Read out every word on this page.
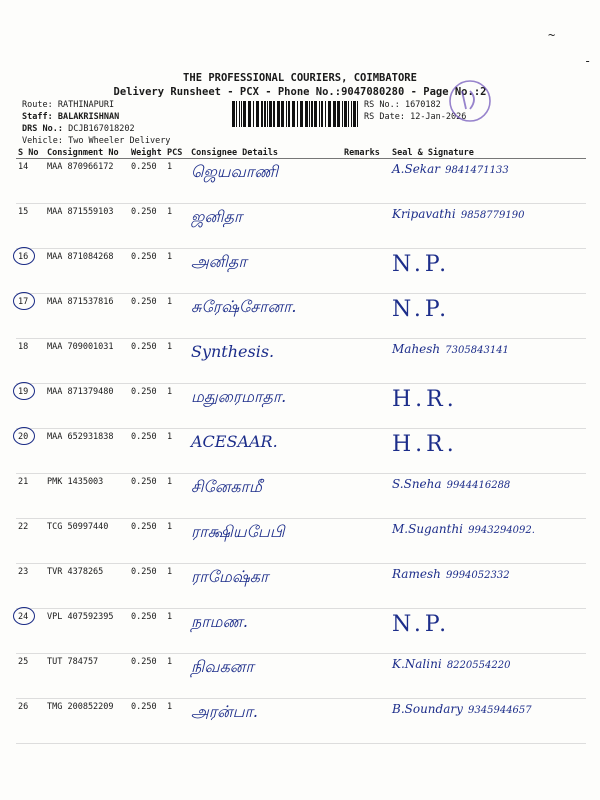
~
-
THE PROFESSIONAL COURIERS, COIMBATORE
Delivery Runsheet - PCX - Phone No.:9047080280 - Page No.:2
Route: RATHINAPURI
Staff: BALAKRISHNAN
DRS No.: DCJB167018202
Vehicle: Two Wheeler Delivery
RS No.: 1670182
RS Date: 12-Jan-2026
S No	Consignment No	Weight	PCS	Consignee Details	Remarks	Seal & Signature
14	MAA 870966172	0.250	1	ஜெயவாணி		A.Sekar 9841471133
15	MAA 871559103	0.250	1	ஜனிதா		Kripavathi 9858779190
16	MAA 871084268	0.250	1	அனிதா		N.P.
17	MAA 871537816	0.250	1	சுரேஷ்சோனா.		N.P.
18	MAA 709001031	0.250	1	Synthesis.		Mahesh 7305843141
19	MAA 871379480	0.250	1	மதுரைமாதா.		H.R.
20	MAA 652931838	0.250	1	ACESAAR.		H.R.
21	PMK 1435003	0.250	1	சினேகாமீ		S.Sneha 9944416288
22	TCG 50997440	0.250	1	ராக்ஷியபேபி		M.Suganthi 9943294092.
23	TVR 4378265	0.250	1	ராமேஷ்கா		Ramesh 9994052332
24	VPL 407592395	0.250	1	நாமண.		N.P.
25	TUT 784757	0.250	1	நிவகனா		K.Nalini 8220554220
26	TMG 200852209	0.250	1	அரன்பா.		B.Soundary 9345944657
